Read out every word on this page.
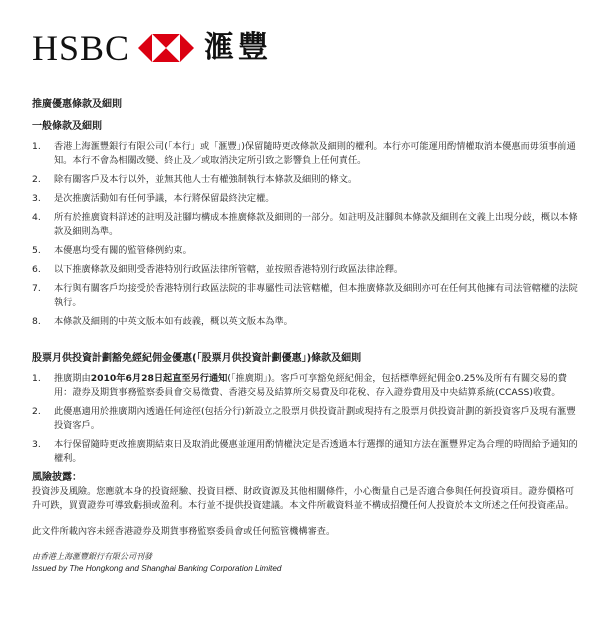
HSBC 滙豐
推廣優惠條款及細則
一般條款及細則
1.	香港上海滙豐銀行有限公司(「本行」或「滙豐」)保留隨時更改條款及細則的權利。本行亦可能運用酌情權取消本優惠而毋須事前通知。本行不會為相關改變、終止及／或取消決定所引致之影響負上任何責任。
2.	除有關客戶及本行以外，並無其他人士有權強制執行本條款及細則的條文。
3.	是次推廣活動如有任何爭議，本行將保留最終決定權。
4.	所有於推廣資料詳述的註明及註腳均構成本推廣條款及細則的一部分。如註明及註腳與本條款及細則在文義上出現分歧，概以本條款及細則為準。
5.	本優惠均受有關的監管條例約束。
6.	以下推廣條款及細則受香港特別行政區法律所管轄，並按照香港特別行政區法律詮釋。
7.	本行與有關客戶均接受於香港特別行政區法院的非專屬性司法管轄權，但本推廣條款及細則亦可在任何其他擁有司法管轄權的法院執行。
8.	本條款及細則的中英文版本如有歧義，概以英文版本為準。
股票月供投資計劃豁免經紀佣金優惠(「股票月供投資計劃優惠」)條款及細則
1.	推廣期由2010年6月28日起直至另行通知(「推廣期」)。客戶可享豁免經紀佣金，包括標準經紀佣金0.25%及所有有關交易的費用：證券及期貨事務監察委員會交易徵費、香港交易及結算所交易費及印花稅、存入證券費用及中央結算系統(CCASS)收費。
2.	此優惠適用於推廣期內透過任何途徑(包括分行)新設立之股票月供投資計劃或現持有之股票月供投資計劃的新投資客戶及現有滙豐投資客戶。
3.	本行保留隨時更改推廣期結束日及取消此優惠並運用酌情權決定是否透過本行選擇的通知方法在滙豐界定為合理的時間給予通知的權利。
風險披露：
投資涉及風險。您應就本身的投資經驗、投資目標、財政資源及其他相關條件，小心衡量自己是否適合參與任何投資項目。證券價格可升可跌，買賣證券可導致虧損或盈利。本行並不提供投資建議。本文件所載資料並不構成招攬任何人投資於本文所述之任何投資產品。
此文件所載內容未經香港證券及期貨事務監察委員會或任何監管機構審查。
由香港上海滙豐銀行有限公司刊發
Issued by The Hongkong and Shanghai Banking Corporation Limited
